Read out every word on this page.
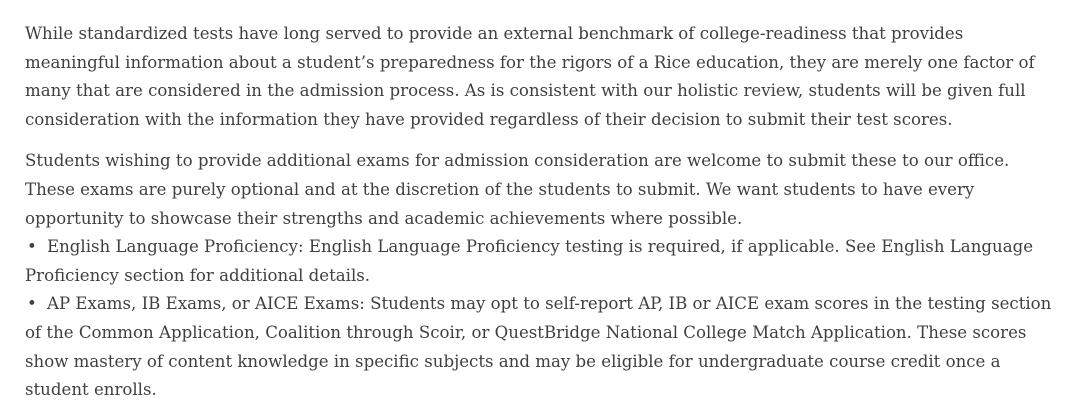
While standardized tests have long served to provide an external benchmark of college-readiness that provides meaningful information about a student’s preparedness for the rigors of a Rice education, they are merely one factor of many that are considered in the admission process. As is consistent with our holistic review, students will be given full consideration with the information they have provided regardless of their decision to submit their test scores.

Students wishing to provide additional exams for admission consideration are welcome to submit these to our office. These exams are purely optional and at the discretion of the students to submit. We want students to have every opportunity to showcase their strengths and academic achievements where possible.

• English Language Proficiency: English Language Proficiency testing is required, if applicable. See English Language Proficiency section for additional details.
• AP Exams, IB Exams, or AICE Exams: Students may opt to self-report AP, IB or AICE exam scores in the testing section of the Common Application, Coalition through Scoir, or QuestBridge National College Match Application. These scores show mastery of content knowledge in specific subjects and may be eligible for undergraduate course credit once a student enrolls.
